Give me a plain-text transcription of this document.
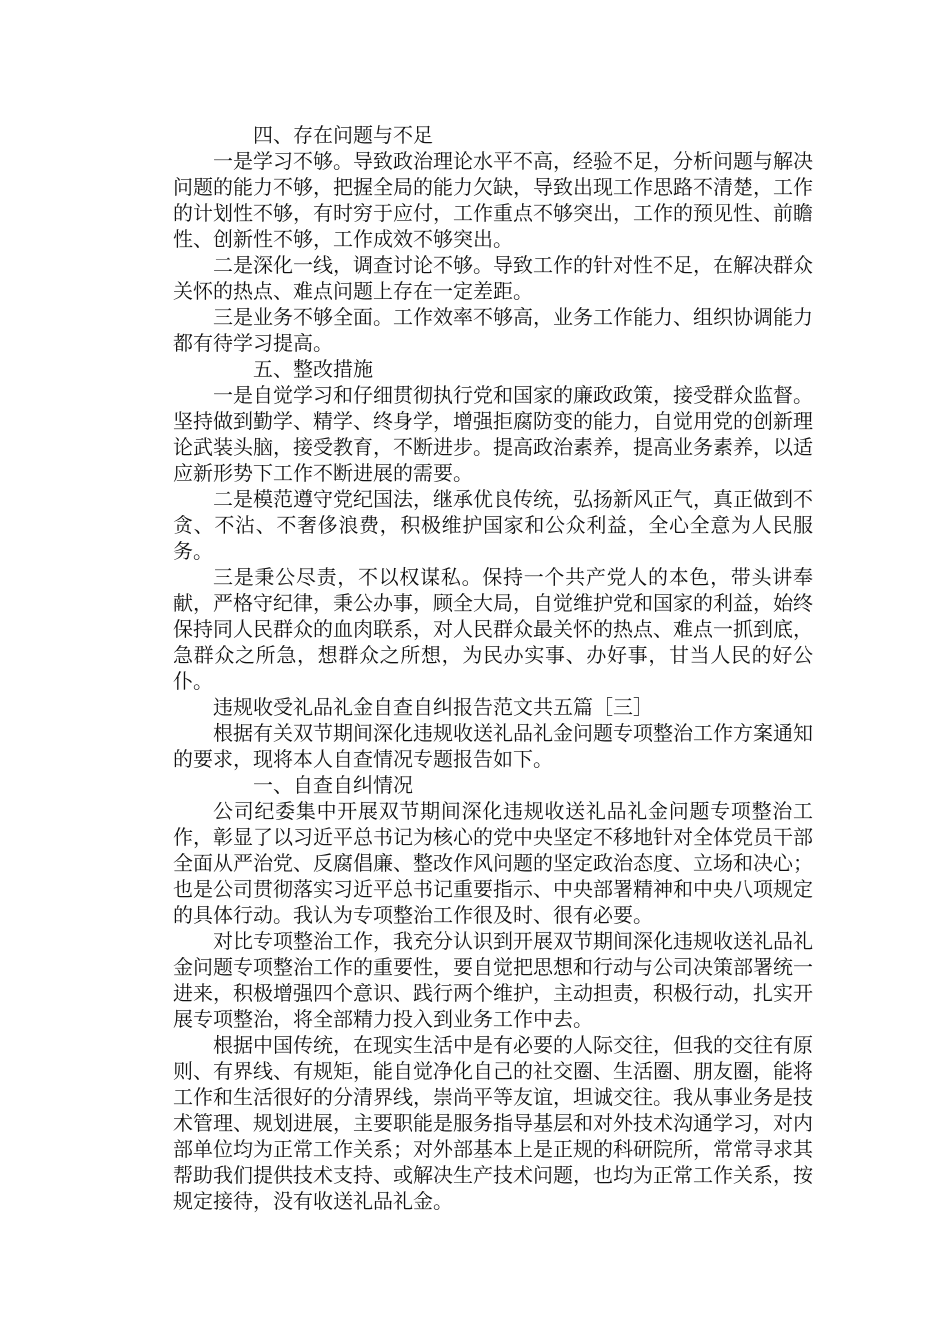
四、存在问题与不足

一是学习不够。导致政治理论水平不高，经验不足，分析问题与解决问题的能力不够，把握全局的能力欠缺，导致出现工作思路不清楚，工作的计划性不够，有时穷于应付，工作重点不够突出，工作的预见性、前瞻性、创新性不够，工作成效不够突出。

二是深化一线，调查讨论不够。导致工作的针对性不足，在解决群众关怀的热点、难点问题上存在一定差距。

三是业务不够全面。工作效率不够高，业务工作能力、组织协调能力都有待学习提高。

五、整改措施

一是自觉学习和仔细贯彻执行党和国家的廉政政策，接受群众监督。坚持做到勤学、精学、终身学，增强拒腐防变的能力，自觉用党的创新理论武装头脑，接受教育，不断进步。提高政治素养，提高业务素养，以适应新形势下工作不断进展的需要。

二是模范遵守党纪国法，继承优良传统，弘扬新风正气，真正做到不贪、不沾、不奢侈浪费，积极维护国家和公众利益，全心全意为人民服务。

三是秉公尽责，不以权谋私。保持一个共产党人的本色，带头讲奉献，严格守纪律，秉公办事，顾全大局，自觉维护党和国家的利益，始终保持同人民群众的血肉联系，对人民群众最关怀的热点、难点一抓到底，急群众之所急，想群众之所想，为民办实事、办好事，甘当人民的好公仆。

违规收受礼品礼金自查自纠报告范文共五篇［三］

根据有关双节期间深化违规收送礼品礼金问题专项整治工作方案通知的要求，现将本人自查情况专题报告如下。

一、自查自纠情况

公司纪委集中开展双节期间深化违规收送礼品礼金问题专项整治工作，彰显了以习近平总书记为核心的党中央坚定不移地针对全体党员干部全面从严治党、反腐倡廉、整改作风问题的坚定政治态度、立场和决心；也是公司贯彻落实习近平总书记重要指示、中央部署精神和中央八项规定的具体行动。我认为专项整治工作很及时、很有必要。

对比专项整治工作，我充分认识到开展双节期间深化违规收送礼品礼金问题专项整治工作的重要性，要自觉把思想和行动与公司决策部署统一进来，积极增强四个意识、践行两个维护，主动担责，积极行动，扎实开展专项整治，将全部精力投入到业务工作中去。

根据中国传统，在现实生活中是有必要的人际交往，但我的交往有原则、有界线、有规矩，能自觉净化自己的社交圈、生活圈、朋友圈，能将工作和生活很好的分清界线，崇尚平等友谊，坦诚交往。我从事业务是技术管理、规划进展，主要职能是服务指导基层和对外技术沟通学习，对内部单位均为正常工作关系；对外部基本上是正规的科研院所，常常寻求其帮助我们提供技术支持、或解决生产技术问题，也均为正常工作关系，按规定接待，没有收送礼品礼金。
